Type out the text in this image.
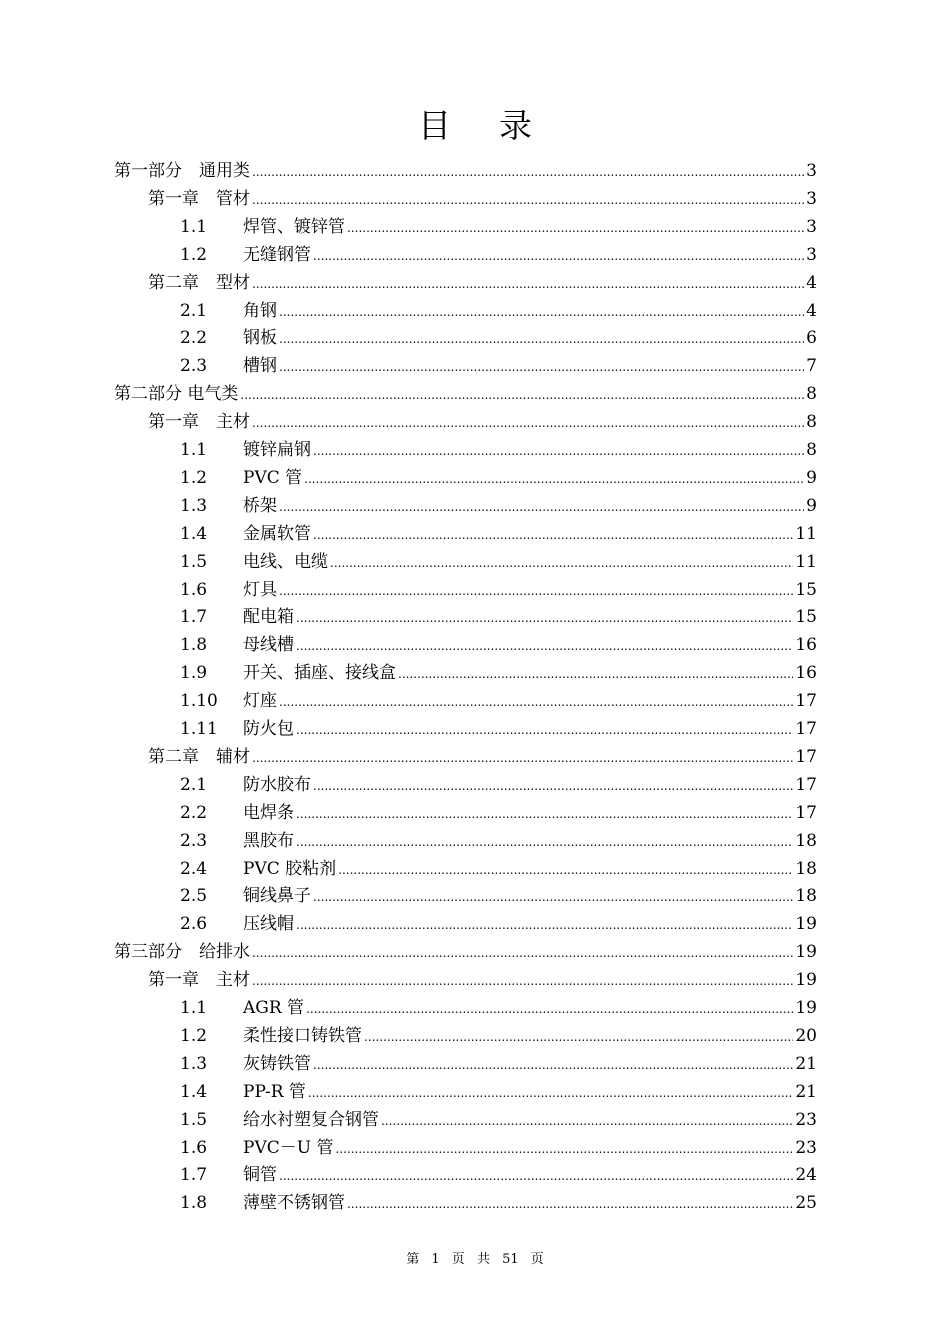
目 录
第一部分　通用类 .....	3
第一章　管材 .....	3
1.1	焊管、镀锌管 .....	3
1.2	无缝钢管 .....	3
第二章　型材 .....	4
2.1	角钢 .....	4
2.2	钢板 .....	6
2.3	槽钢 .....	7
第二部分 电气类 .....	8
第一章　主材 .....	8
1.1	镀锌扁钢 .....	8
1.2	PVC 管 .....	9
1.3	桥架 .....	9
1.4	金属软管 .....	11
1.5	电线、电缆 .....	11
1.6	灯具 .....	15
1.7	配电箱 .....	15
1.8	母线槽 .....	16
1.9	开关、插座、接线盒 .....	16
1.10	灯座 .....	17
1.11	防火包 .....	17
第二章　辅材 .....	17
2.1	防水胶布 .....	17
2.2	电焊条 .....	17
2.3	黑胶布 .....	18
2.4	PVC 胶粘剂 .....	18
2.5	铜线鼻子 .....	18
2.6	压线帽 .....	19
第三部分　给排水 .....	19
第一章　主材 .....	19
1.1	AGR 管 .....	19
1.2	柔性接口铸铁管 .....	20
1.3	灰铸铁管 .....	21
1.4	PP-R 管 .....	21
1.5	给水衬塑复合钢管 .....	23
1.6	PVC－U 管 .....	23
1.7	铜管 .....	24
1.8	薄壁不锈钢管 .....	25
第 1 页 共 51 页
